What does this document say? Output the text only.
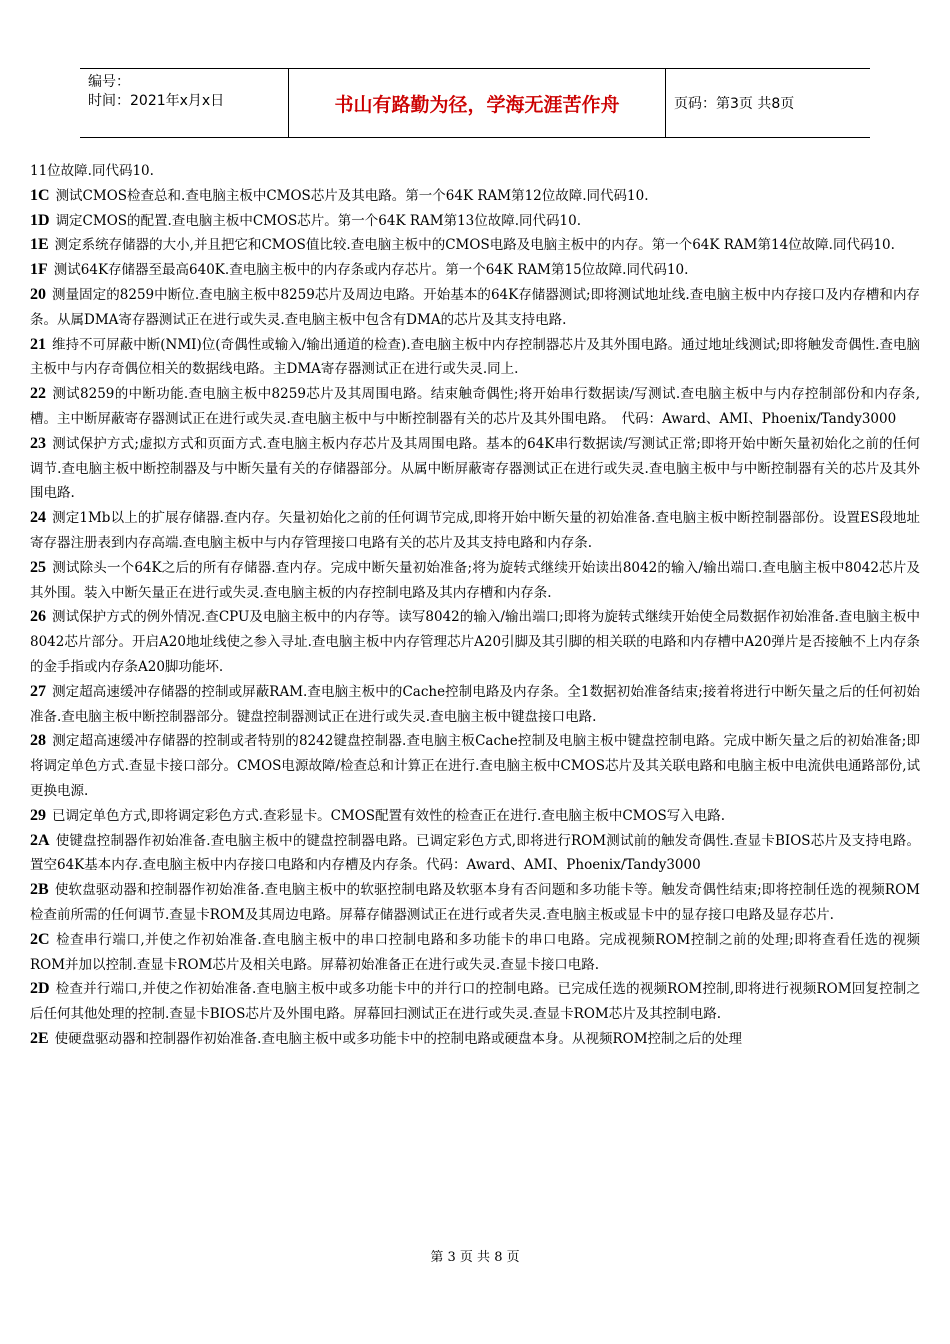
编号：
时间：2021年x月x日	书山有路勤为径，学海无涯苦作舟	页码：第3页 共8页

11位故障.同代码10.

1C 测试CMOS检查总和.查电脑主板中CMOS芯片及其电路。第一个64K RAM第12位故障.同代码10.

1D 调定CMOS的配置.查电脑主板中CMOS芯片。第一个64K RAM第13位故障.同代码10.

1E 测定系统存储器的大小,并且把它和CMOS值比较.查电脑主板中的CMOS电路及电脑主板中的内存。第一个64K RAM第14位故障.同代码10.

1F 测试64K存储器至最高640K.查电脑主板中的内存条或内存芯片。第一个64K RAM第15位故障.同代码10.

20 测量固定的8259中断位.查电脑主板中8259芯片及周边电路。开始基本的64K存储器测试;即将测试地址线.查电脑主板中内存接口及内存槽和内存条。从属DMA寄存器测试正在进行或失灵.查电脑主板中包含有DMA的芯片及其支持电路.

21 维持不可屏蔽中断(NMI)位(奇偶性或输入/输出通道的检查).查电脑主板中内存控制器芯片及其外围电路。通过地址线测试;即将触发奇偶性.查电脑主板中与内存奇偶位相关的数据线电路。主DMA寄存器测试正在进行或失灵.同上.

22 测试8259的中断功能.查电脑主板中8259芯片及其周围电路。结束触奇偶性;将开始串行数据读/写测试.查电脑主板中与内存控制部份和内存条,槽。主中断屏蔽寄存器测试正在进行或失灵.查电脑主板中与中断控制器有关的芯片及其外围电路。　代码：Award、AMI、Phoenix/Tandy3000

23 测试保护方式;虚拟方式和页面方式.查电脑主板内存芯片及其周围电路。基本的64K串行数据读/写测试正常;即将开始中断矢量初始化之前的任何调节.查电脑主板中断控制器及与中断矢量有关的存储器部分。从属中断屏蔽寄存器测试正在进行或失灵.查电脑主板中与中断控制器有关的芯片及其外围电路.

24 测定1Mb以上的扩展存储器.查内存。矢量初始化之前的任何调节完成,即将开始中断矢量的初始准备.查电脑主板中断控制器部份。设置ES段地址寄存器注册表到内存高端.查电脑主板中与内存管理接口电路有关的芯片及其支持电路和内存条.

25 测试除头一个64K之后的所有存储器.查内存。完成中断矢量初始准备;将为旋转式继续开始读出8042的输入/输出端口.查电脑主板中8042芯片及其外围。装入中断矢量正在进行或失灵.查电脑主板的内存控制电路及其内存槽和内存条.

26 测试保护方式的例外情况.查CPU及电脑主板中的内存等。读写8042的输入/输出端口;即将为旋转式继续开始使全局数据作初始准备.查电脑主板中8042芯片部分。开启A20地址线使之参入寻址.查电脑主板中内存管理芯片A20引脚及其引脚的相关联的电路和内存槽中A20弹片是否接触不上内存条的金手指或内存条A20脚功能坏.

27 测定超高速缓冲存储器的控制或屏蔽RAM.查电脑主板中的Cache控制电路及内存条。全1数据初始准备结束;接着将进行中断矢量之后的任何初始准备.查电脑主板中断控制器部分。键盘控制器测试正在进行或失灵.查电脑主板中键盘接口电路.

28 测定超高速缓冲存储器的控制或者特别的8242键盘控制器.查电脑主板Cache控制及电脑主板中键盘控制电路。完成中断矢量之后的初始准备;即将调定单色方式.查显卡接口部分。CMOS电源故障/检查总和计算正在进行.查电脑主板中CMOS芯片及其关联电路和电脑主板中电流供电通路部份,试更换电源.

29 已调定单色方式,即将调定彩色方式.查彩显卡。CMOS配置有效性的检查正在进行.查电脑主板中CMOS写入电路.

2A 使键盘控制器作初始准备.查电脑主板中的键盘控制器电路。已调定彩色方式,即将进行ROM测试前的触发奇偶性.查显卡BIOS芯片及支持电路。置空64K基本内存.查电脑主板中内存接口电路和内存槽及内存条。代码：Award、AMI、Phoenix/Tandy3000

2B 使软盘驱动器和控制器作初始准备.查电脑主板中的软驱控制电路及软驱本身有否问题和多功能卡等。触发奇偶性结束;即将控制任选的视频ROM检查前所需的任何调节.查显卡ROM及其周边电路。屏幕存储器测试正在进行或者失灵.查电脑主板或显卡中的显存接口电路及显存芯片.

2C 检查串行端口,并使之作初始准备.查电脑主板中的串口控制电路和多功能卡的串口电路。完成视频ROM控制之前的处理;即将查看任选的视频ROM并加以控制.查显卡ROM芯片及相关电路。屏幕初始准备正在进行或失灵.查显卡接口电路.

2D 检查并行端口,并使之作初始准备.查电脑主板中或多功能卡中的并行口的控制电路。已完成任选的视频ROM控制,即将进行视频ROM回复控制之后任何其他处理的控制.查显卡BIOS芯片及外围电路。屏幕回扫测试正在进行或失灵.查显卡ROM芯片及其控制电路.

2E 使硬盘驱动器和控制器作初始准备.查电脑主板中或多功能卡中的控制电路或硬盘本身。从视频ROM控制之后的处理

第 3 页 共 8 页
